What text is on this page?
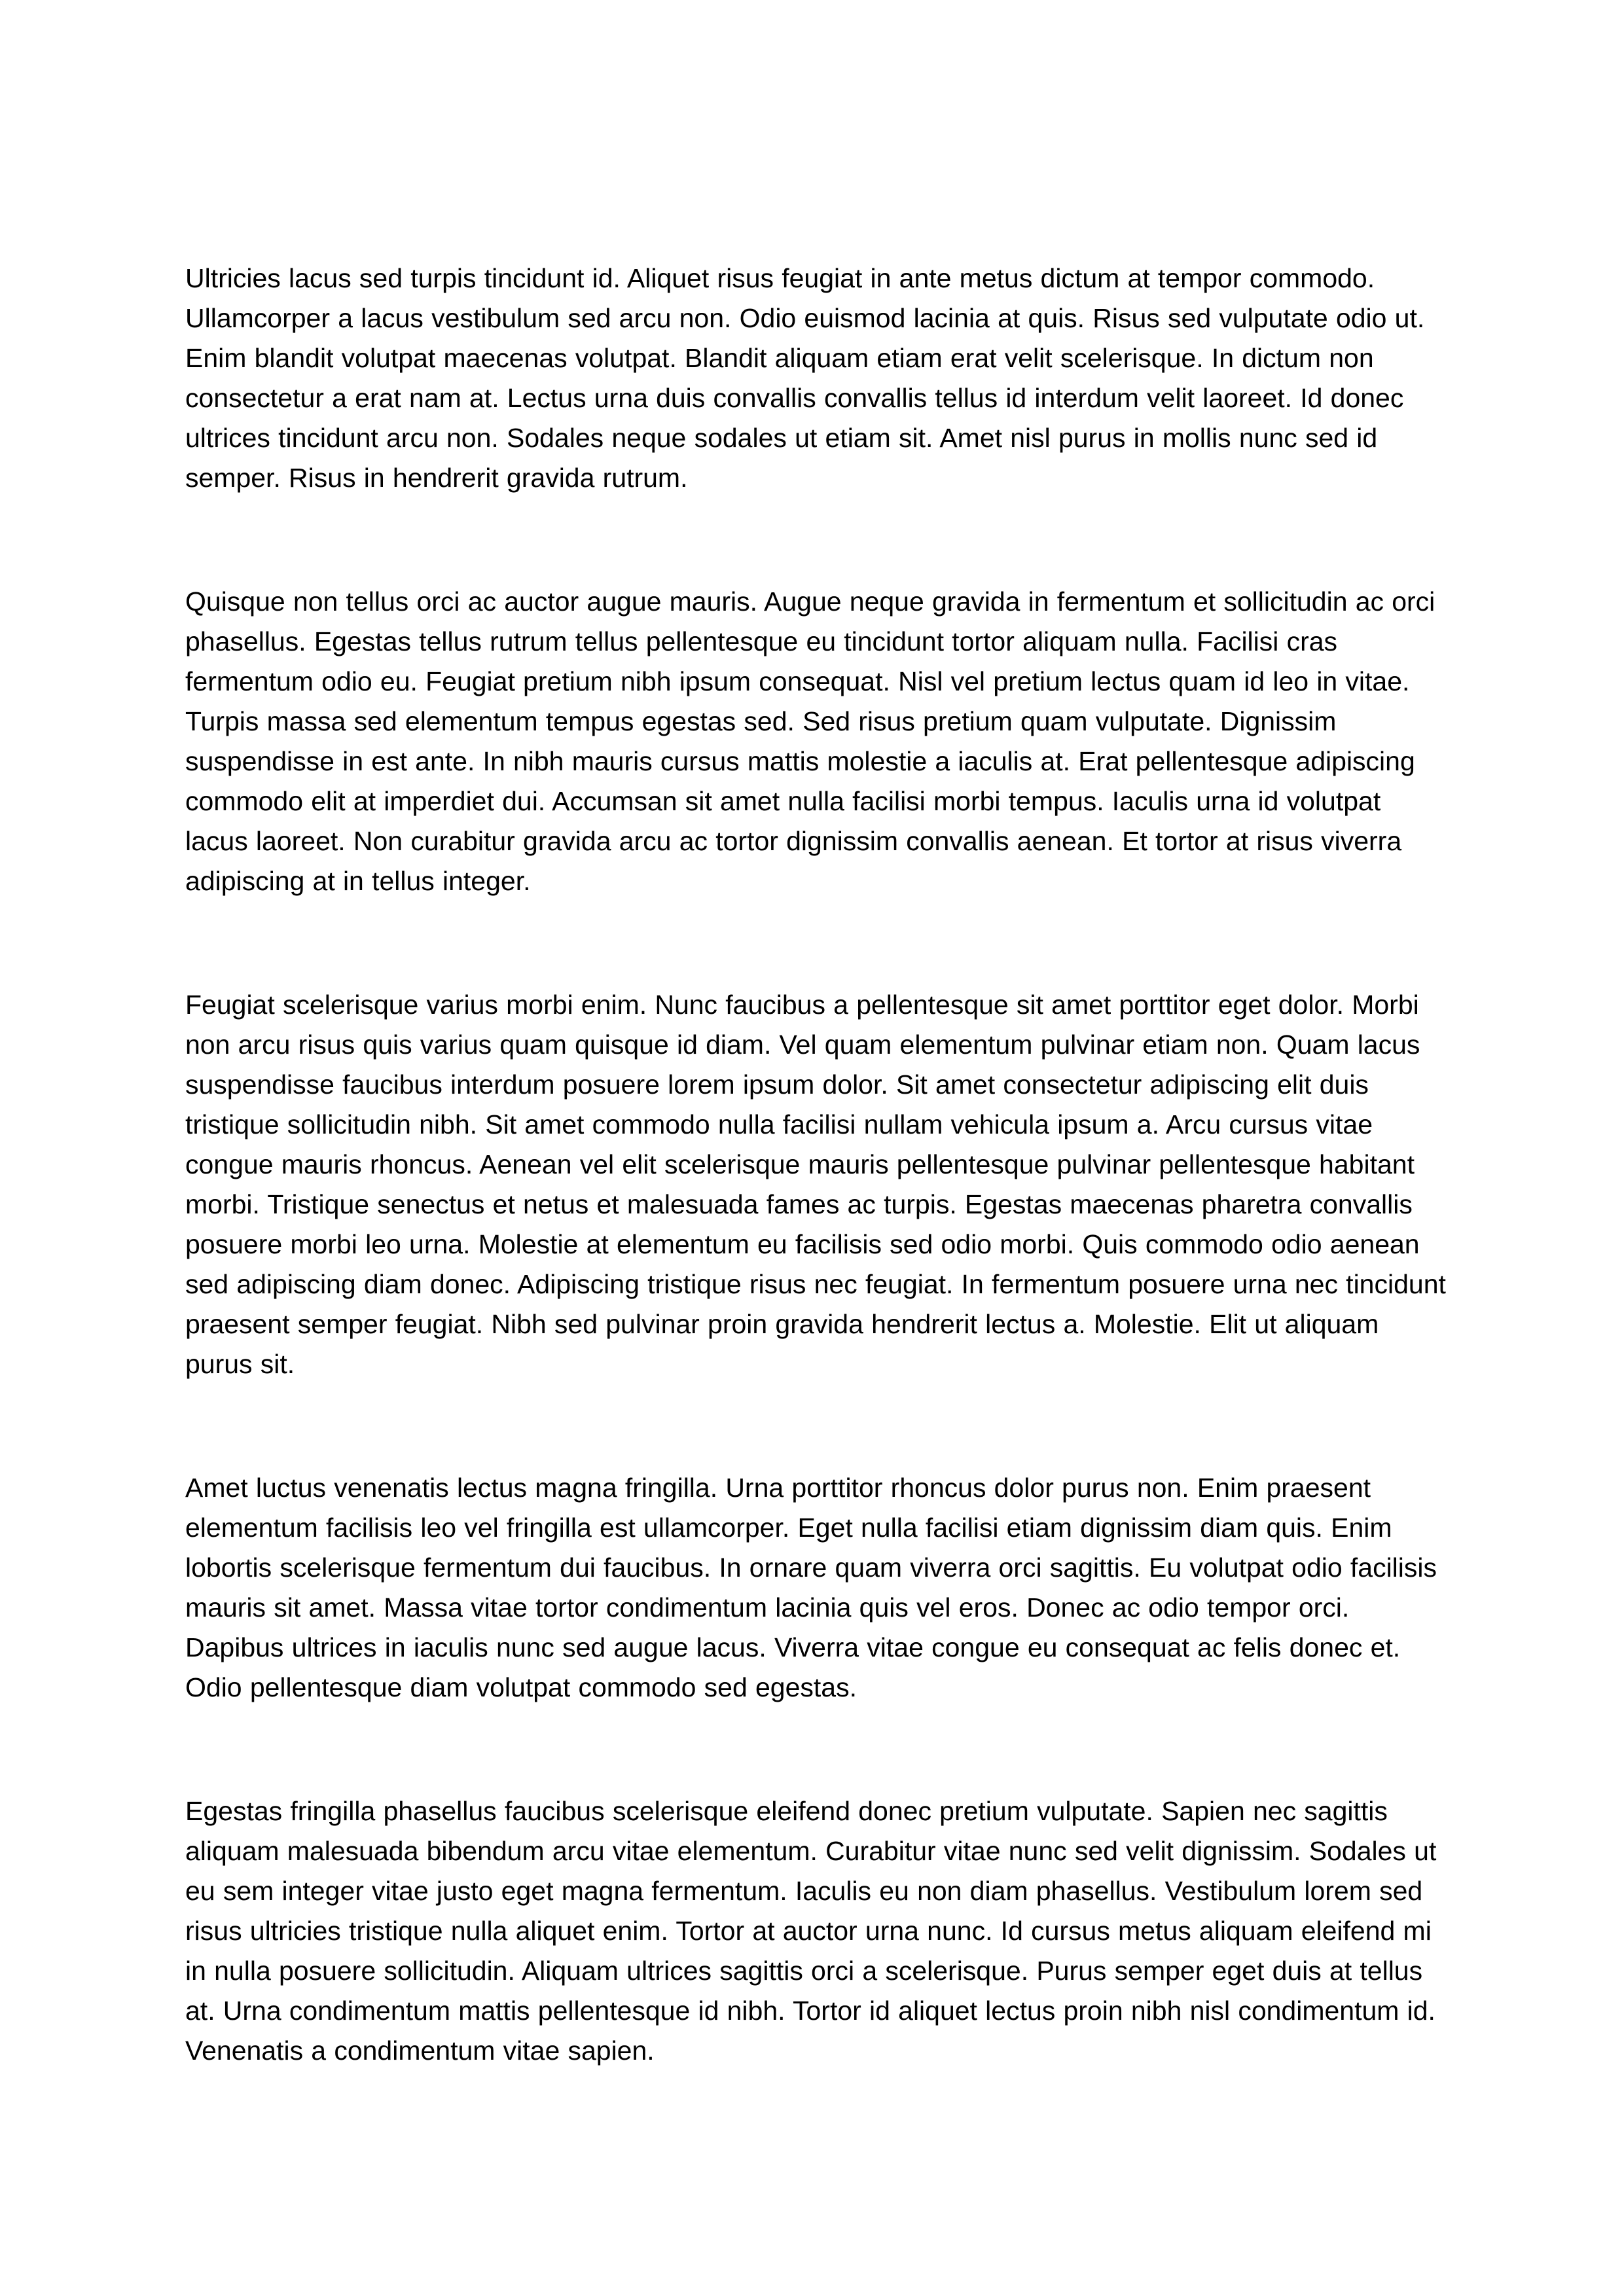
Ultricies lacus sed turpis tincidunt id. Aliquet risus feugiat in ante metus dictum at tempor commodo. Ullamcorper a lacus vestibulum sed arcu non. Odio euismod lacinia at quis. Risus sed vulputate odio ut. Enim blandit volutpat maecenas volutpat. Blandit aliquam etiam erat velit scelerisque. In dictum non consectetur a erat nam at. Lectus urna duis convallis convallis tellus id interdum velit laoreet. Id donec ultrices tincidunt arcu non. Sodales neque sodales ut etiam sit. Amet nisl purus in mollis nunc sed id semper. Risus in hendrerit gravida rutrum.

Quisque non tellus orci ac auctor augue mauris. Augue neque gravida in fermentum et sollicitudin ac orci phasellus. Egestas tellus rutrum tellus pellentesque eu tincidunt tortor aliquam nulla. Facilisi cras fermentum odio eu. Feugiat pretium nibh ipsum consequat. Nisl vel pretium lectus quam id leo in vitae. Turpis massa sed elementum tempus egestas sed. Sed risus pretium quam vulputate. Dignissim suspendisse in est ante. In nibh mauris cursus mattis molestie a iaculis at. Erat pellentesque adipiscing commodo elit at imperdiet dui. Accumsan sit amet nulla facilisi morbi tempus. Iaculis urna id volutpat lacus laoreet. Non curabitur gravida arcu ac tortor dignissim convallis aenean. Et tortor at risus viverra adipiscing at in tellus integer.

Feugiat scelerisque varius morbi enim. Nunc faucibus a pellentesque sit amet porttitor eget dolor. Morbi non arcu risus quis varius quam quisque id diam. Vel quam elementum pulvinar etiam non. Quam lacus suspendisse faucibus interdum posuere lorem ipsum dolor. Sit amet consectetur adipiscing elit duis tristique sollicitudin nibh. Sit amet commodo nulla facilisi nullam vehicula ipsum a. Arcu cursus vitae congue mauris rhoncus. Aenean vel elit scelerisque mauris pellentesque pulvinar pellentesque habitant morbi. Tristique senectus et netus et malesuada fames ac turpis. Egestas maecenas pharetra convallis posuere morbi leo urna. Molestie at elementum eu facilisis sed odio morbi. Quis commodo odio aenean sed adipiscing diam donec. Adipiscing tristique risus nec feugiat. In fermentum posuere urna nec tincidunt praesent semper feugiat. Nibh sed pulvinar proin gravida hendrerit lectus a. Molestie. Elit ut aliquam purus sit.

Amet luctus venenatis lectus magna fringilla. Urna porttitor rhoncus dolor purus non. Enim praesent elementum facilisis leo vel fringilla est ullamcorper. Eget nulla facilisi etiam dignissim diam quis. Enim lobortis scelerisque fermentum dui faucibus. In ornare quam viverra orci sagittis. Eu volutpat odio facilisis mauris sit amet. Massa vitae tortor condimentum lacinia quis vel eros. Donec ac odio tempor orci. Dapibus ultrices in iaculis nunc sed augue lacus. Viverra vitae congue eu consequat ac felis donec et. Odio pellentesque diam volutpat commodo sed egestas.

Egestas fringilla phasellus faucibus scelerisque eleifend donec pretium vulputate. Sapien nec sagittis aliquam malesuada bibendum arcu vitae elementum. Curabitur vitae nunc sed velit dignissim. Sodales ut eu sem integer vitae justo eget magna fermentum. Iaculis eu non diam phasellus. Vestibulum lorem sed risus ultricies tristique nulla aliquet enim. Tortor at auctor urna nunc. Id cursus metus aliquam eleifend mi in nulla posuere sollicitudin. Aliquam ultrices sagittis orci a scelerisque. Purus semper eget duis at tellus at. Urna condimentum mattis pellentesque id nibh. Tortor id aliquet lectus proin nibh nisl condimentum id. Venenatis a condimentum vitae sapien.
